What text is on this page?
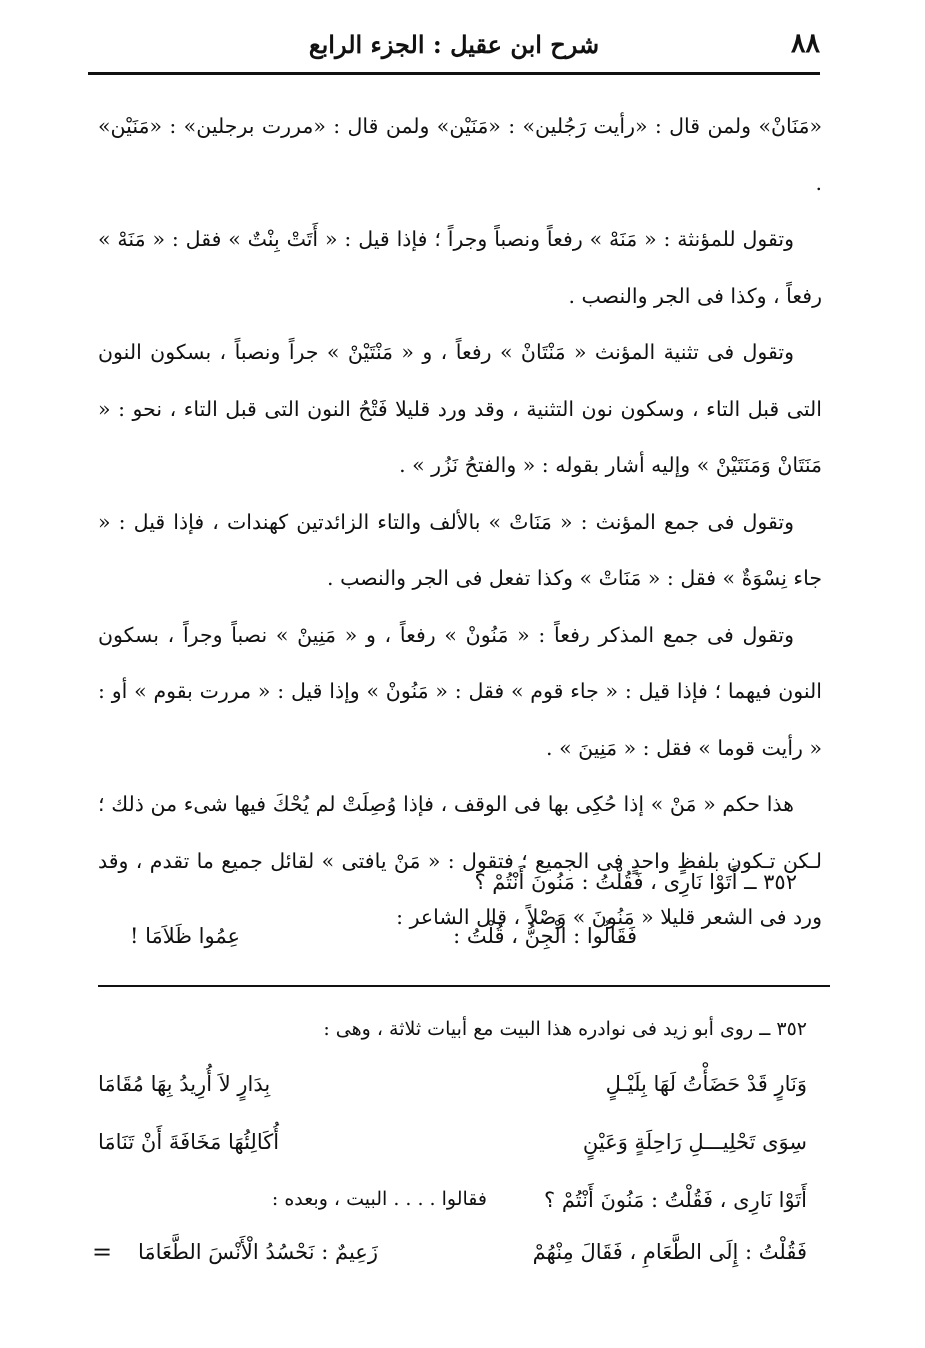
٨٨
شرح ابن عقيل : الجزء الرابع

«مَنَانْ» ولمن قال : «رأيت رَجُلين» : «مَنَيْن» ولمن قال : «مررت برجلين» : «مَنَيْن» .

وتقول للمؤنثة : « مَنَهْ » رفعاً ونصباً وجراً ؛ فإذا قيل : « أَتَتْ بِنْتٌ » فقل : « مَنَهْ » رفعاً ، وكذا فى الجر والنصب .

وتقول فى تثنية المؤنث « مَنْتَانْ » رفعاً ، و « مَنْتَيْنْ » جراً ونصباً ، بسكون النون التى قبل التاء ، وسكون نون التثنية ، وقد ورد قليلا فَتْحُ النون التى قبل التاء ، نحو : « مَنَتَانْ وَمَنَتَيْنْ » وإليه أشار بقوله : « والفتحُ نَزُر » .

وتقول فى جمع المؤنث : « مَنَاتْ » بالألف والتاء الزائدتين كهندات ، فإذا قيل : « جاء نِسْوَةٌ » فقل : « مَنَاتْ » وكذا تفعل فى الجر والنصب .

وتقول فى جمع المذكر رفعاً : « مَنُونْ » رفعاً ، و « مَنِينْ » نصباً وجراً ، بسكون النون فيهما ؛ فإذا قيل : « جاء قوم » فقل : « مَنُونْ » وإذا قيل : « مررت بقوم » أو : « رأيت قوما » فقل : « مَنِينَ » .

هذا حكم « مَنْ » إذا حُكِى بها فى الوقف ، فإذا وُصِلَتْ لم يُحْكَ فيها شىء من ذلك ؛ لـكن تـكون بلفظٍ واحدٍ فى الجميع ؛ فتقول : « مَنْ يافتى » لقائل جميع ما تقدم ، وقد ورد فى الشعر قليلا « مَنُونَ » وَصْلاً ، قال الشاعر :

٣٥٢ ــ أَتَوْا نَارِى ، فَقُلْتُ : مَنُونَ أَنْتُمْ ؟
فَقَالُوا : الْجِنُّ ، قُلْتُ :
عِمُوا ظَلاَمَا !
٣٥٢ ــ روى أبو زيد فى نوادره هذا البيت مع أبيات ثلاثة ، وهى :
وَنَارٍ قَدْ حَضَأْتُ لَهَا بِلَيْـلٍ
بِدَارٍ لاَ أُرِيدُ بِهَا مُقَامَا
سِوَى تَحْلِيـــلِ رَاحِلَةٍ وَعَيْنٍ
أُكَالِئُهَا مَخَافَةَ أَنْ تَنَامَا
أَتَوْا نَارِى ، فَقُلْتُ : مَنُونَ أَنْتُمْ ؟
فقالوا . . . . البيت ، وبعده :
فَقُلْتُ : إِلَى الطَّعَامِ ، فَقَالَ مِنْهُمْ
زَعِيمٌ : نَحْسُدُ الْأَنْسَ الطَّعَامَا
=
